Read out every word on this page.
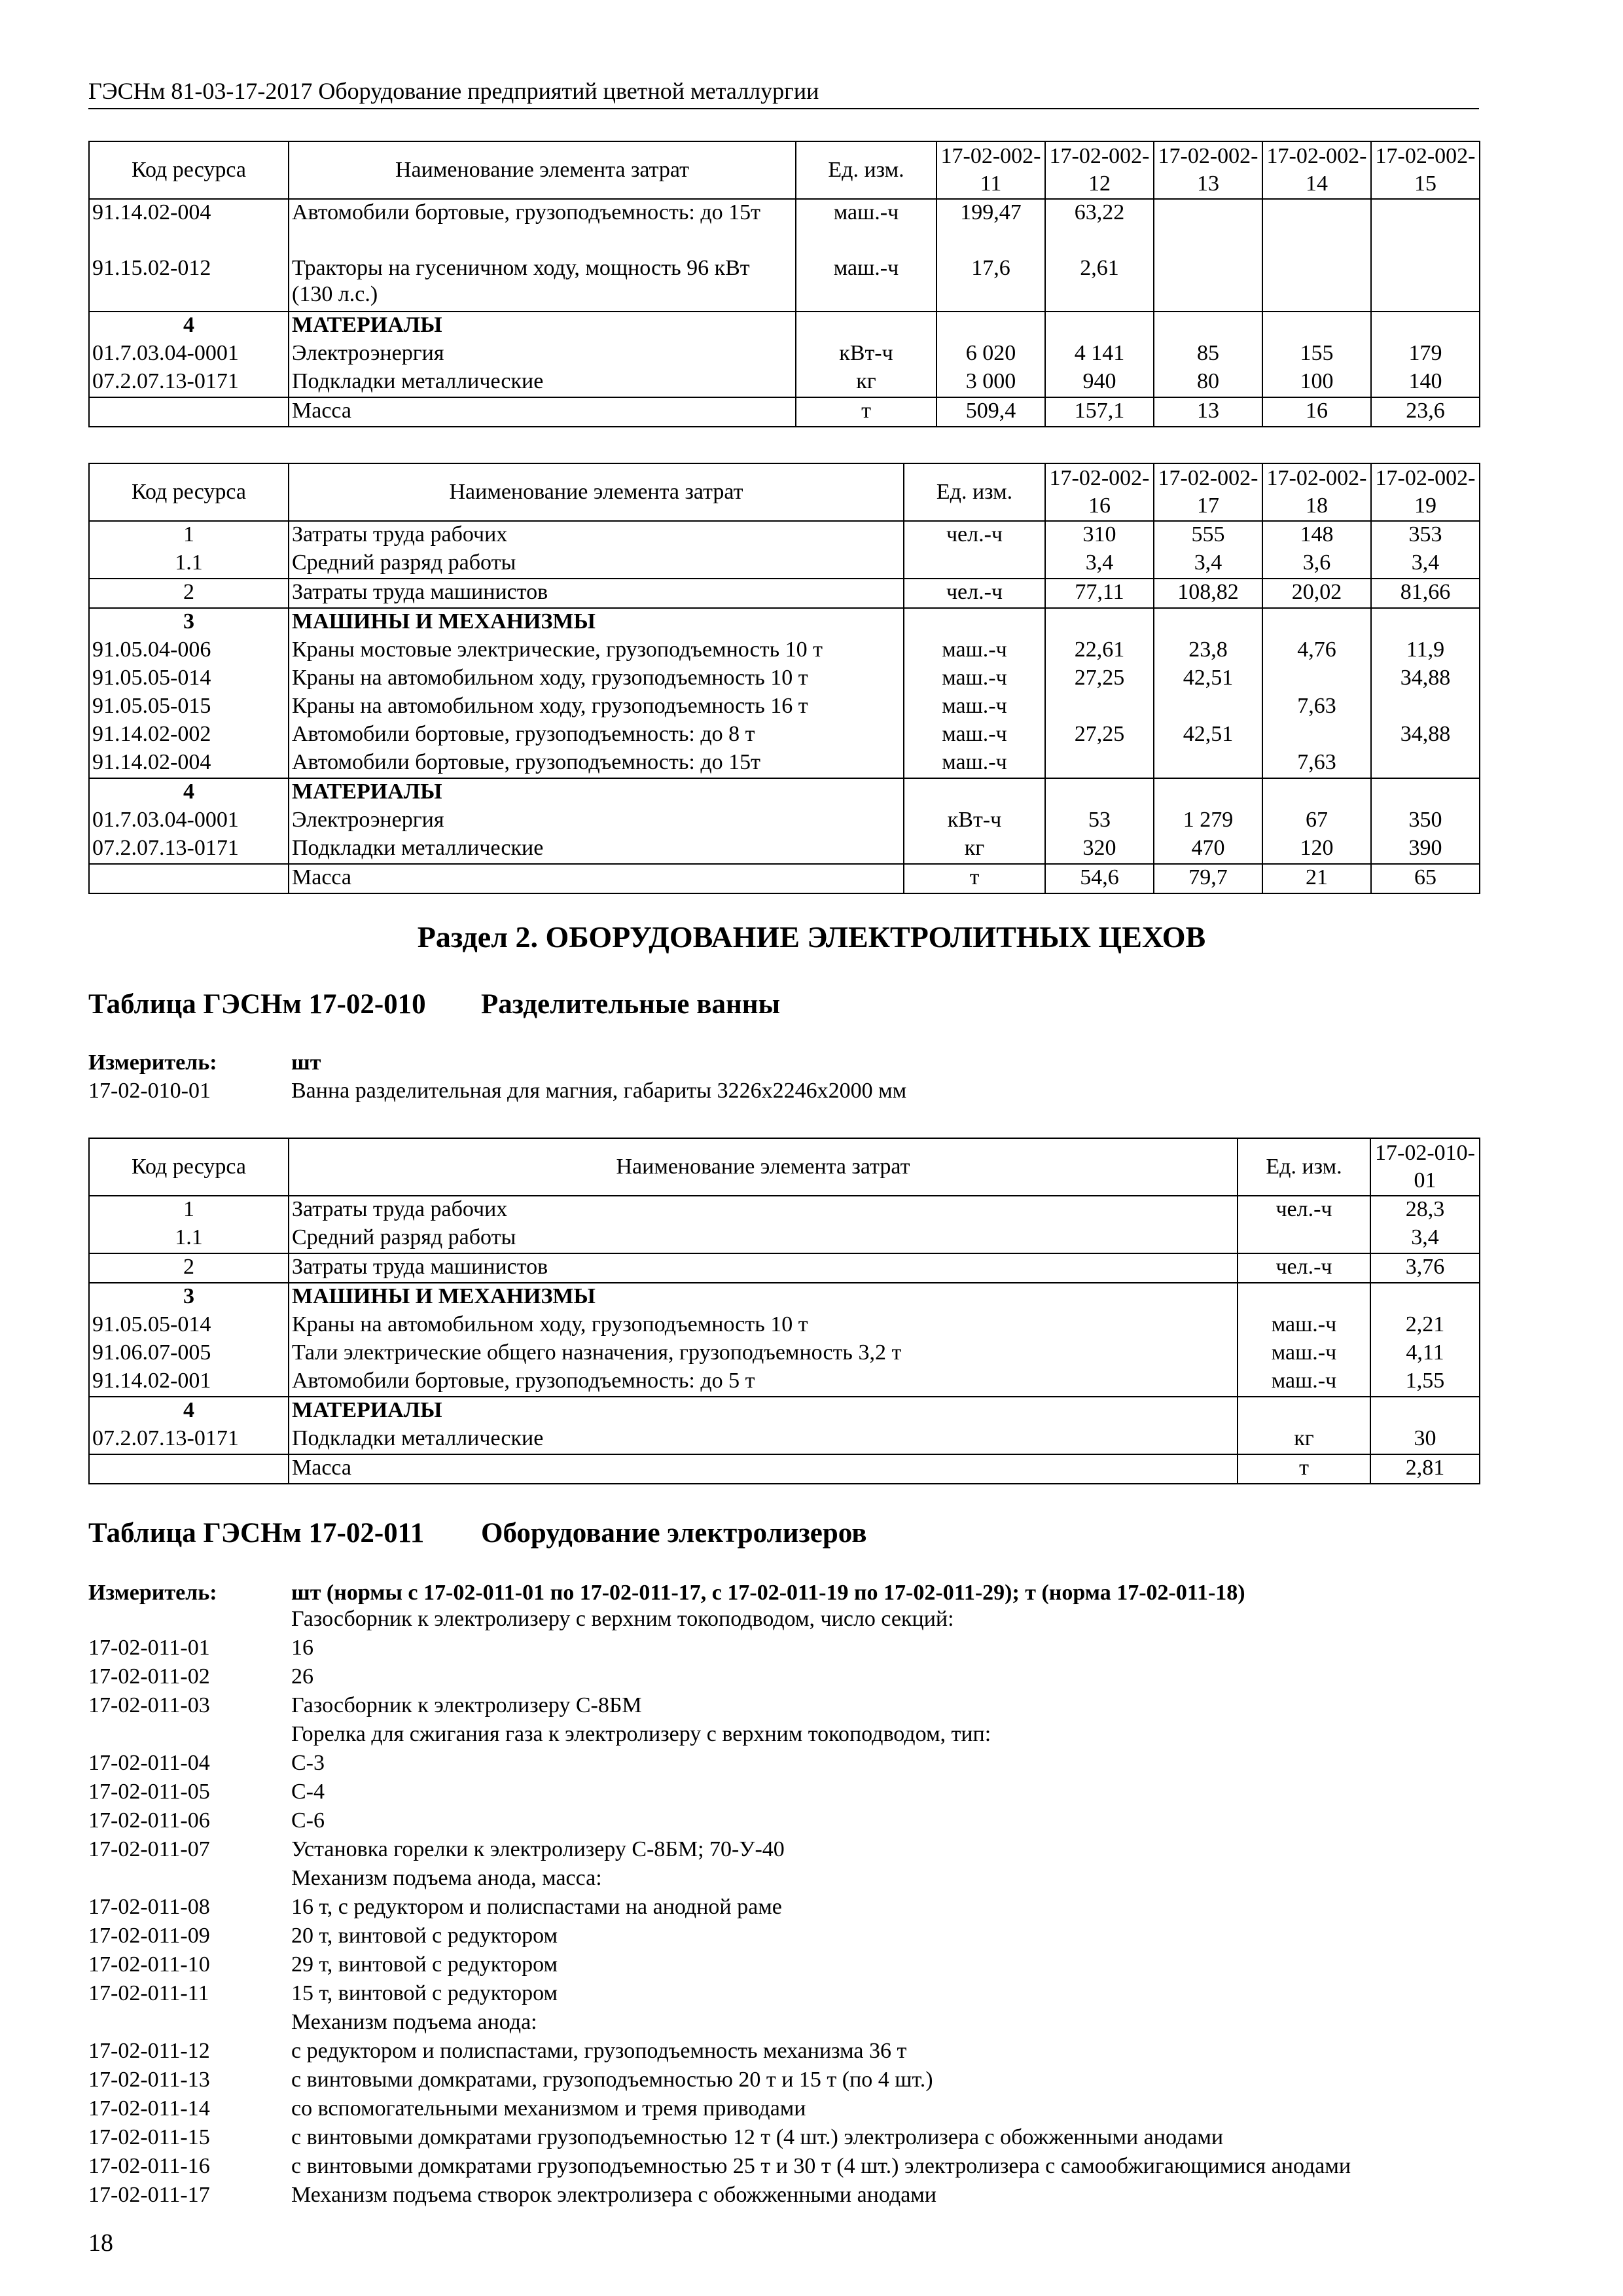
ГЭСНм 81-03-17-2017 Оборудование предприятий цветной металлургии
Код ресурса	Наименование элемента затрат	Ед. изм.	17-02-002-11	17-02-002-12	17-02-002-13	17-02-002-14	17-02-002-15
91.14.02-004	Автомобили бортовые, грузоподъемность: до 15т	маш.-ч	199,47	63,22			
91.15.02-012	Тракторы на гусеничном ходу, мощность 96 кВт (130 л.с.)	маш.-ч	17,6	2,61			
4	МАТЕРИАЛЫ						
01.7.03.04-0001	Электроэнергия	кВт-ч	6 020	4 141	85	155	179
07.2.07.13-0171	Подкладки металлические	кг	3 000	940	80	100	140
	Масса	т	509,4	157,1	13	16	23,6
Код ресурса	Наименование элемента затрат	Ед. изм.	17-02-002-16	17-02-002-17	17-02-002-18	17-02-002-19
1	Затраты труда рабочих	чел.-ч	310	555	148	353
1.1	Средний разряд работы		3,4	3,4	3,6	3,4
2	Затраты труда машинистов	чел.-ч	77,11	108,82	20,02	81,66
3	МАШИНЫ И МЕХАНИЗМЫ					
91.05.04-006	Краны мостовые электрические, грузоподъемность 10 т	маш.-ч	22,61	23,8	4,76	11,9
91.05.05-014	Краны на автомобильном ходу, грузоподъемность 10 т	маш.-ч	27,25	42,51		34,88
91.05.05-015	Краны на автомобильном ходу, грузоподъемность 16 т	маш.-ч			7,63	
91.14.02-002	Автомобили бортовые, грузоподъемность: до 8 т	маш.-ч	27,25	42,51		34,88
91.14.02-004	Автомобили бортовые, грузоподъемность: до 15т	маш.-ч			7,63	
4	МАТЕРИАЛЫ					
01.7.03.04-0001	Электроэнергия	кВт-ч	53	1 279	67	350
07.2.07.13-0171	Подкладки металлические	кг	320	470	120	390
	Масса	т	54,6	79,7	21	65
Раздел 2. ОБОРУДОВАНИЕ ЭЛЕКТРОЛИТНЫХ ЦЕХОВ
Таблица ГЭСНм 17-02-010 Разделительные ванны
Измеритель:	шт
17-02-010-01	Ванна разделительная для магния, габариты 3226х2246х2000 мм
Код ресурса	Наименование элемента затрат	Ед. изм.	17-02-010-01
1	Затраты труда рабочих	чел.-ч	28,3
1.1	Средний разряд работы		3,4
2	Затраты труда машинистов	чел.-ч	3,76
3	МАШИНЫ И МЕХАНИЗМЫ		
91.05.05-014	Краны на автомобильном ходу, грузоподъемность 10 т	маш.-ч	2,21
91.06.07-005	Тали электрические общего назначения, грузоподъемность 3,2 т	маш.-ч	4,11
91.14.02-001	Автомобили бортовые, грузоподъемность: до 5 т	маш.-ч	1,55
4	МАТЕРИАЛЫ		
07.2.07.13-0171	Подкладки металлические	кг	30
	Масса	т	2,81
Таблица ГЭСНм 17-02-011 Оборудование электролизеров
Измеритель:	шт (нормы с 17-02-011-01 по 17-02-011-17, с 17-02-011-19 по 17-02-011-29); т (норма 17-02-011-18)
Газосборник к электролизеру с верхним токоподводом, число секций:
17-02-011-01	16
17-02-011-02	26
17-02-011-03	Газосборник к электролизеру С-8БМ
Горелка для сжигания газа к электролизеру с верхним токоподводом, тип:
17-02-011-04	С-3
17-02-011-05	С-4
17-02-011-06	С-6
17-02-011-07	Установка горелки к электролизеру С-8БМ; 70-У-40
Механизм подъема анода, масса:
17-02-011-08	16 т, с редуктором и полиспастами на анодной раме
17-02-011-09	20 т, винтовой с редуктором
17-02-011-10	29 т, винтовой с редуктором
17-02-011-11	15 т, винтовой с редуктором
Механизм подъема анода:
17-02-011-12	с редуктором и полиспастами, грузоподъемность механизма 36 т
17-02-011-13	с винтовыми домкратами, грузоподъемностью 20 т и 15 т (по 4 шт.)
17-02-011-14	со вспомогательными механизмом и тремя приводами
17-02-011-15	с винтовыми домкратами грузоподъемностью 12 т (4 шт.) электролизера с обожженными анодами
17-02-011-16	с винтовыми домкратами грузоподъемностью 25 т и 30 т (4 шт.) электролизера с самообжигающимися анодами
17-02-011-17	Механизм подъема створок электролизера с обожженными анодами
18
